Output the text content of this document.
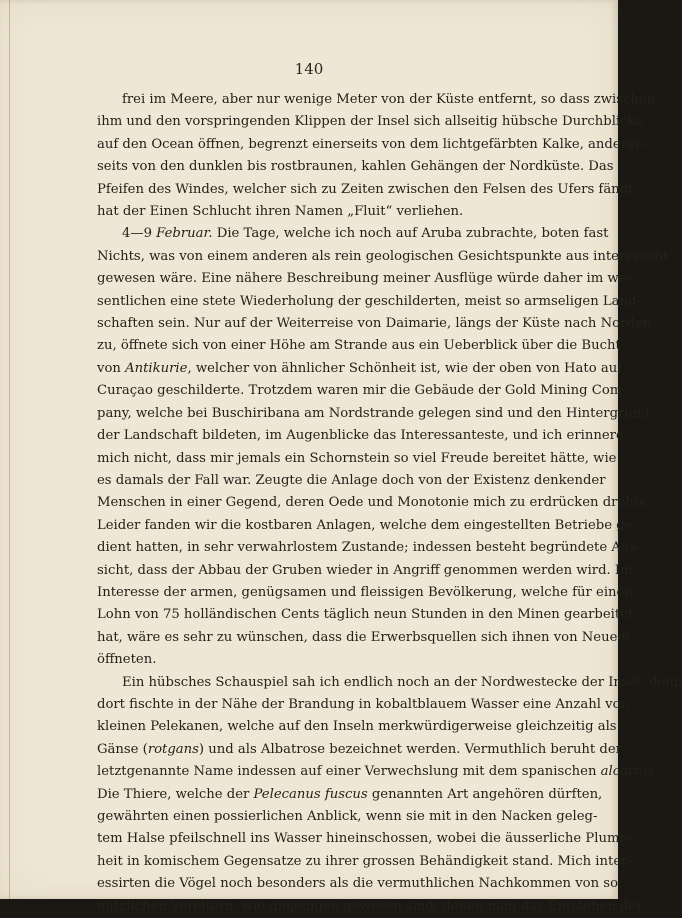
140
frei im Meere, aber nur wenige Meter von der Küste entfernt, so dass zwischen
ihm und den vorspringenden Klippen der Insel sich allseitig hübsche Durchblicke
auf den Ocean öffnen, begrenzt einerseits von dem lichtgefärbten Kalke, anderer-
seits von den dunklen bis rostbraunen, kahlen Gehängen der Nordküste. Das
Pfeifen des Windes, welcher sich zu Zeiten zwischen den Felsen des Ufers fängt,
hat der Einen Schlucht ihren Namen „Fluit“ verliehen.
4—9 Februar. Die Tage, welche ich noch auf Aruba zubrachte, boten fast
Nichts, was von einem anderen als rein geologischen Gesichtspunkte aus interessant
gewesen wäre. Eine nähere Beschreibung meiner Ausflüge würde daher im we-
sentlichen eine stete Wiederholung der geschilderten, meist so armseligen Land-
schaften sein. Nur auf der Weiterreise von Daimarie, längs der Küste nach Norden
zu, öffnete sich von einer Höhe am Strande aus ein Ueberblick über die Bucht
von Antikurie, welcher von ähnlicher Schönheit ist, wie der oben von Hato auf
Curaçao geschilderte. Trotzdem waren mir die Gebäude der Gold Mining Com-
pany, welche bei Buschiribana am Nordstrande gelegen sind und den Hintergrund
der Landschaft bildeten, im Augenblicke das Interessanteste, und ich erinnere
mich nicht, dass mir jemals ein Schornstein so viel Freude bereitet hätte, wie
es damals der Fall war. Zeugte die Anlage doch von der Existenz denkender
Menschen in einer Gegend, deren Oede und Monotonie mich zu erdrücken drohte.
Leider fanden wir die kostbaren Anlagen, welche dem eingestellten Betriebe ge-
dient hatten, in sehr verwahrlostem Zustande; indessen besteht begründete Aus-
sicht, dass der Abbau der Gruben wieder in Angriff genommen werden wird. Im
Interesse der armen, genügsamen und fleissigen Bevölkerung, welche für einen
Lohn von 75 holländischen Cents täglich neun Stunden in den Minen gearbeitet
hat, wäre es sehr zu wünschen, dass die Erwerbsquellen sich ihnen von Neuem
öffneten.
Ein hübsches Schauspiel sah ich endlich noch an der Nordwestecke der Insel, denn
dort fischte in der Nähe der Brandung in kobaltblauem Wasser eine Anzahl von
kleinen Pelekanen, welche auf den Inseln merkwürdigerweise gleichzeitig als
Gänse (rotgans) und als Albatrose bezeichnet werden. Vermuthlich beruht der
letztgenannte Name indessen auf einer Verwechslung mit dem spanischen alcatraz.
Die Thiere, welche der Pelecanus fuscus genannten Art angehören dürften,
gewährten einen possierlichen Anblick, wenn sie mit in den Nacken geleg-
tem Halse pfeilschnell ins Wasser hineinschossen, wobei die äusserliche Plump-
heit in komischem Gegensatze zu ihrer grossen Behändigkeit stand. Mich inter-
essirten die Vögel noch besonders als die vermuthlichen Nachkommen von so
nützlichen Voreltern, wie diejenigen gewesen sind, denen man das Entstehen der
